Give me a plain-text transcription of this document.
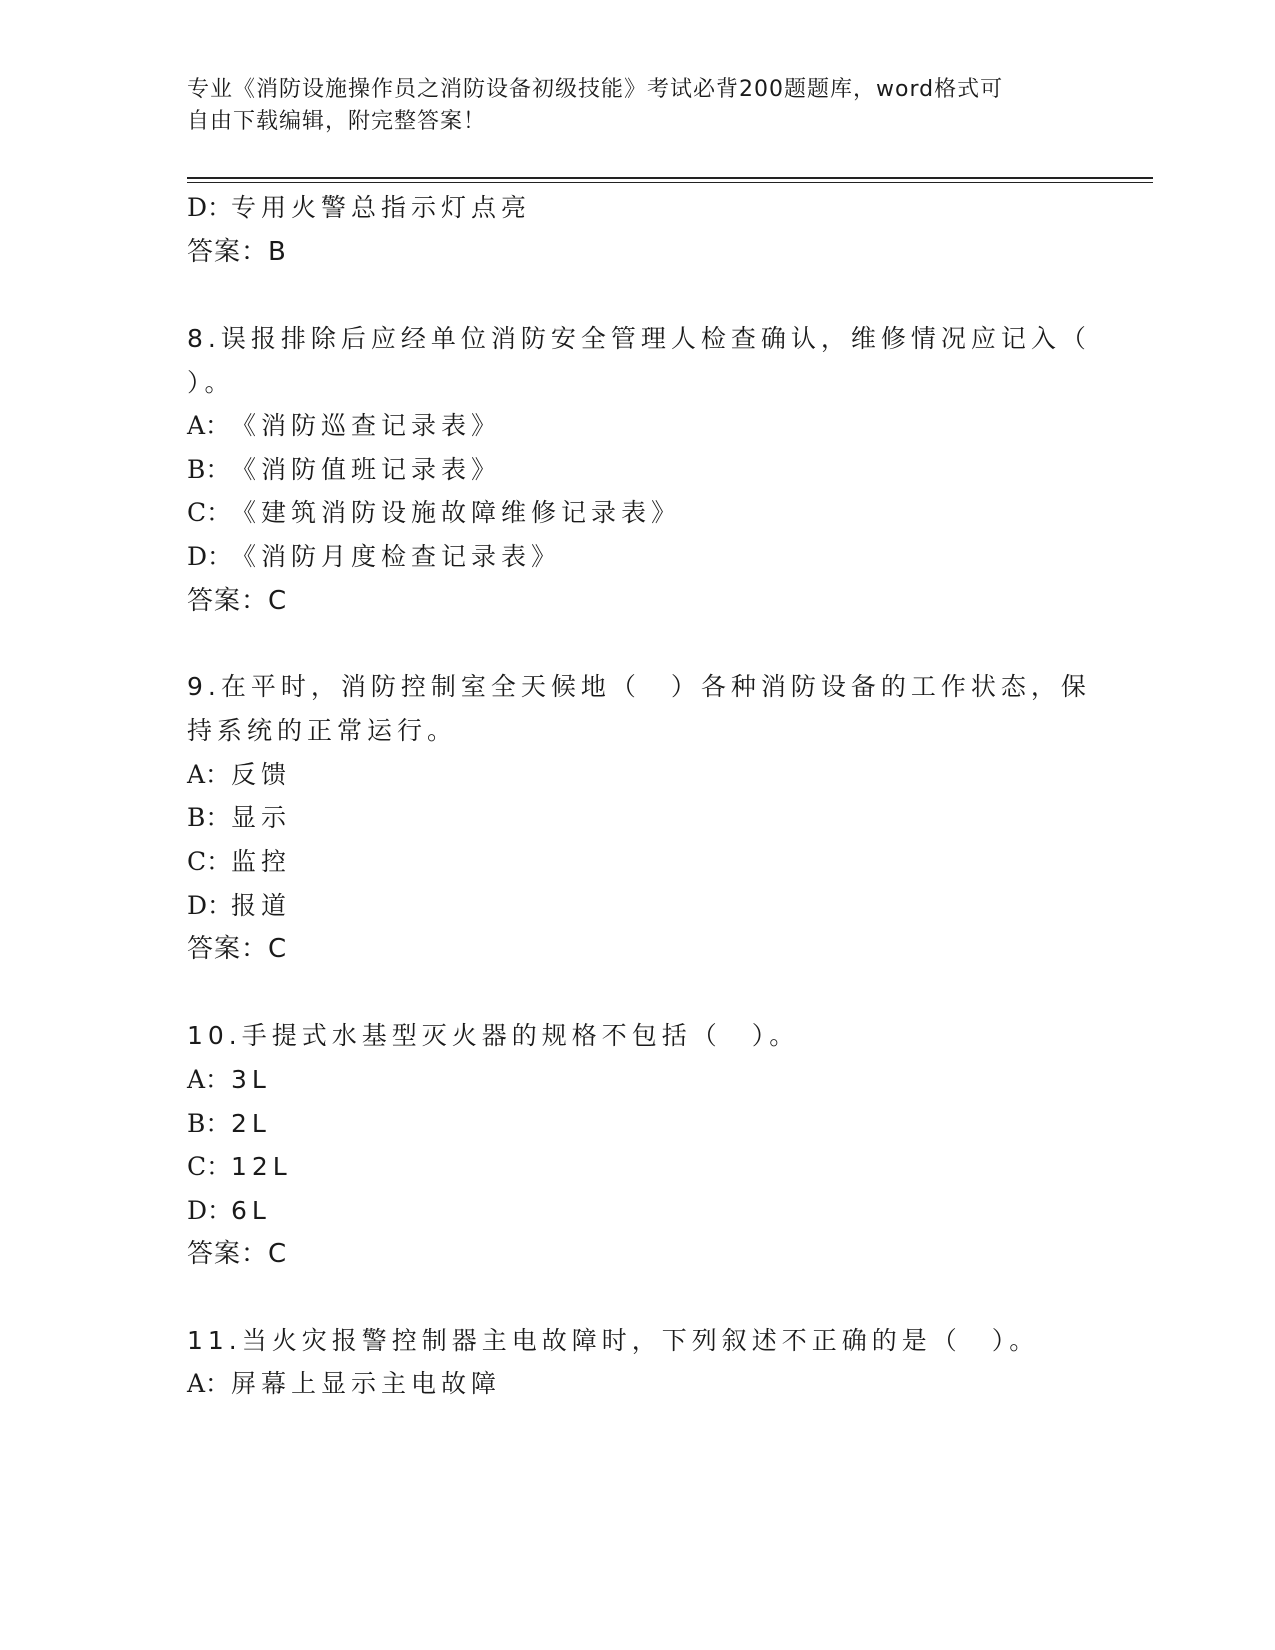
专业《消防设施操作员之消防设备初级技能》考试必背200题题库，word格式可
自由下载编辑，附完整答案！
D：专用火警总指示灯点亮
答案：B
8.误报排除后应经单位消防安全管理人检查确认，维修情况应记入（
）。
A：《消防巡查记录表》
B：《消防值班记录表》
C：《建筑消防设施故障维修记录表》
D：《消防月度检查记录表》
答案：C
9.在平时，消防控制室全天候地（　）各种消防设备的工作状态，保
持系统的正常运行。
A：反馈
B：显示
C：监控
D：报道
答案：C
10.手提式水基型灭火器的规格不包括（　）。
A：3L
B：2L
C：12L
D：6L
答案：C
11.当火灾报警控制器主电故障时，下列叙述不正确的是（　）。
A：屏幕上显示主电故障
